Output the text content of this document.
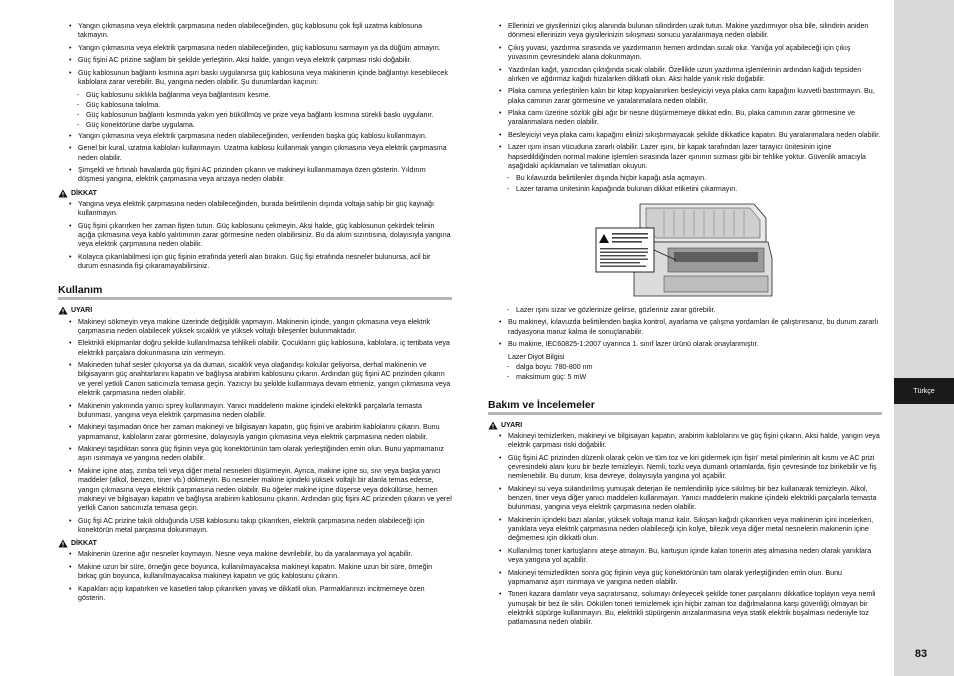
• Yangın çıkmasına veya elektrik çarpmasına neden olabileceğinden, güç kablosunu çok fişli uzatma kablosuna takmayın.
• Yangın çıkmasına veya elektrik çarpmasına neden olabileceğinden, güç kablosunu sarmayın ya da düğüm atmayın.
• Güç fişini AC prizine sağlam bir şekilde yerleştirin. Aksi halde, yangın veya elektrik çarpması riski doğabilir.
• Güç kablosunun bağlantı kısmına aşırı baskı uygulanırsa güç kablosuna veya makinenin içinde bağlantıyı kesebilecek kablolara zarar verebilir. Bu, yangına neden olabilir. Şu durumlardan kaçının:
- Güç kablosunu sıklıkla bağlanma veya bağlantısını kesme.
- Güç kablosuna takılma.
- Güç kablosunun bağlantı kısmında yakın yeri büküllmüş ve prize veya bağlantı kısmına sürekli baskı uygulanır.
- Güç konektörüne darbe uygulama.
• Yangın çıkmasına veya elektrik çarpmasına neden olabileceğinden, verilenden başka güç kablosu kullanmayın.
• Genel bir kural, uzatma kabloları kullanmayın. Uzatma kablosu kullanmak yangın çıkmasına veya elektrik çarpmasına neden olabilir.
• Şimşekli ve fırtınalı havalarda güç fişini AC prizinden çıkarın ve makineyi kullanmamaya özen gösterin. Yıldırım düşmesi yangına, elektrik çarpmasına veya arızaya neden olabilir.
DİKKAT
• Yangına veya elektrik çarpmasına neden olabileceğinden, burada belirtilenin dışında voltaja sahip bir güç kaynağı kullanmayın.
• Güç fişini çıkarırken her zaman fişten tutun. Güç kablosunu çekmeyin. Aksi halde, güç kablosunun çekirdek telinin açığa çıkmasına veya kablo yalıtımının zarar görmesine neden olabilirsiniz. Bu da akım sızıntısına, dolayısıyla yangına veya elektrik çarpmasına neden olabilir.
• Kolayca çıkarılabilmesi için güç fişinin etrafında yeterli alan bırakın. Güç fişi etrafında nesneler bulunursa, acil bir durum esnasında fişi çıkaramayabilirsiniz.
Kullanım
UYARI
• Makineyi sökmeyin veya makine üzerinde değişiklik yapmayın. Makinenin içinde, yangın çıkmasına veya elektrik çarpmasına neden olabilecek yüksek sıcaklık ve yüksek voltajlı bileşenler bulunmaktadır.
• Elektrikli ekipmanlar doğru şekilde kullanılmazsa tehlikeli olabilir. Çocukların güç kablosuna, kablolara, iç tertibata veya elektrikli parçalara dokunmasına izin vermeyin.
• Makineden tuhaf sesler çıkıyorsa ya da duman, sıcaklık veya olağandışı kokular geliyorsa, derhal makinenin ve bilgisayarın güç anahtarlarını kapatın ve bağlıysa arabirim kablosunu çıkarın. Ardından güç fişini AC prizinden çıkarın ve yerel yetkili Canon satıcınızla temasa geçin. Yazıcıyı bu şekilde kullanmaya devam etmeniz, yangın çıkmasına veya elektrik çarpmasına neden olabilir.
• Makinenin yakınında yanıcı sprey kullanmayın. Yanıcı maddelerin makine içindeki elektrikli parçalarla temasta bulunması, yangına veya elektrik çarpmasına neden olabilir.
• Makineyi taşımadan önce her zaman makineyi ve bilgisayarı kapatın, güç fişini ve arabirim kablolarını çıkarın. Bunu yapmamanız, kabloların zarar görmesine, dolayısıyla yangın çıkmasına veya elektrik çarpmasına neden olabilir.
• Makineyi taşıdıktan sonra güç fişinin veya güç konektörünün tam olarak yerleştiğinden emin olun. Bunu yapmamanız aşırı ısınmaya ve yangına neden olabilir.
• Makine içine ataş, zımba teli veya diğer metal nesneleri düşürmeyin. Ayrıca, makine içine su, sıvı veya başka yanıcı maddeler (alkol, benzen, tiner vb.) dökmeyin. Bu nesneler makine içindeki yüksek voltajlı bir alanla temas ederse, yangın çıkmasına veya elektrik çarpmasına neden olabilir. Bu öğeler makine içine düşerse veya döküllürse, hemen makineyi ve bilgisayarı kapatın ve bağlıysa arabirim kablosunu çıkarın. Ardından güç fişini AC prizinden çıkarın ve yerel yetkili Canon satıcınızla temasa geçin.
• Güç fişi AC prizine takılı olduğunda USB kablosunu takıp çıkarırken, elektrik çarpmasına neden olabileceği için konektörün metal parçasına dokunmayın.
DİKKAT
• Makinenin üzerine ağır nesneler koymayın. Nesne veya makine devrilebilir, bu da yaralanmaya yol açabilir.
• Makine uzun bir süre, örneğin gece boyunca, kullanılmayacaksa makineyi kapatın. Makine uzun bir süre, örneğin birkaç gün boyunca, kullanılmayacaksa makineyi kapatın ve güç kablosunu çıkarın.
• Kapakları açıp kapatırken ve kasetleri takıp çıkarırken yavaş ve dikkatli olun. Parmaklarınızı incitmemeye özen gösterin.
• Ellerinizi ve giysilerinizi çıkış alanında bulunan silindirden uzak tutun. Makine yazdırmıyor olsa bile, silindirin aniden dönmesi ellerinizin veya giysilerinizin sıkışması sonucu yaralanmaya neden olabilir.
• Çıkış yuvası, yazdırma sırasında ve yazdırmanın hemen ardından sıcak olur. Yanığa yol açabileceği için çıkış yuvasının çevresindeki alana dokunmayın.
• Yazdırılan kağıt, yazıcıdan çıktığında sıcak olabilir. Özellikle uzun yazdırma işlemlerinin ardından kağıdı tepsiden alırken ve ağdırmaz kağıdı hizalarken dikkatli olun. Aksi halde yanık riski doğabilir.
• Plaka camına yerleştirilen kalın bir kitap kopyalanırken besleyiciyi veya plaka camı kapağını kuvvetli bastırmayın. Bu, plaka camının zarar görmesine ve yaralanmalara neden olabilir.
• Plaka camı üzerine sözlük gibi ağır bir nesne düşürmemeye dikkat edin. Bu, plaka camının zarar görmesine ve yaralanmalara neden olabilir.
• Besleyiciyi veya plaka camı kapağını elinizi sıkıştırmayacak şekilde dikkatlice kapatın. Bu yaralanmalara neden olabilir.
• Lazer ışını insan vücuduna zararlı olabilir. Lazer ışını, bir kapak tarafından lazer tarayıcı ünitesinin içine hapsedildiğinden normal makine işlemleri sırasında lazer ışınının sızması gibi bir tehlike yoktur. Güvenlik amacıyla aşağıdaki açıklamaları ve talimatları okuyun.
- Bu kılavuzda belirtilenler dışında hiçbir kapağı asla açmayın.
- Lazer tarama ünitesinin kapağında bulunan dikkat etiketini çıkarmayın.
- Lazer ışını sızar ve gözlerinize gelirse, gözleriniz zarar görebilir.
• Bu makineyi, kılavuzda belirtilenden başka kontrol, ayarlama ve çalışma yordamları ile çalıştırırsanız, bu durum zararlı radyasyona maruz kalma ile sonuçlanabilir.
• Bu makine, IEC60825-1:2007 uyarınca 1. sınıf lazer ürünü olarak onaylanmıştır.
Lazer Diyot Bilgisi
- dalga boyu: 780-800 nm
- maksimum güç: 5 mW
Bakım ve İncelemeler
UYARI
• Makineyi temizlerken, makineyi ve bilgisayarı kapatın, arabirim kablolarını ve güç fişini çıkarın. Aksi halde, yangın veya elektrik çarpması riski doğabilir.
• Güç fişini AC prizinden düzenli olarak çekin ve tüm toz ve kiri gidermek için fişin' metal pimlerinin alt kısmı ve AC prizi çevresindeki alanı kuru bir bezle temizleyin. Nemli, tozlu veya dumanlı ortamlarda, fişin çevresinde toz birikebilir ve fiş nemlenebilir. Bu durum, kısa devreye, dolayısıyla yangına yol açabilir.
• Makineyi su veya sulandırılmış yumuşak deterjan ile nemlendirilip iyice sıkılmış bir bez kullanarak temizleyin. Alkol, benzen, tiner veya diğer yanıcı maddeleri kullanmayın. Yanıcı maddelerin makine içindeki elektrikli parçalarla temasta bulunması, yangına veya elektrik çarpmasına neden olabilir.
• Makinenin içindeki bazı alanlar, yüksek voltaja maruz kalır. Sıkışan kağıdı çıkarırken veya makinenin içini incelerken, yanıklara veya elektrik çarpmasına neden olabileceği için kolye, bilezik veya diğer metal nesnelerin makinenin içine değmemesi için dikkatli olun.
• Kullanılmış toner kartuşlarını ateşe atmayın. Bu, kartuşun içinde kalan tonerin ateş almasına neden olarak yanıklara veya yangına yol açabilir.
• Makineyi temizledikten sonra güç fişinin veya güç konektörünün tam olarak yerleştiğinden emin olun. Bunu yapmamanız aşırı ısınmaya ve yangına neden olabilir.
• Toneri kazara damlatır veya saçratırsanız, solumayı önleyecek şekilde toner parçalarını dikkatlice toplayın veya nemli yumuşak bir bez ile silin. Dökülen toneri temizlemek için hiçbir zaman toz dağılmalarına karşı güvenliği olmayan bir elektrikli süpürge kullanmayın. Bu, elektrikli süpürgenin arızalanmasına veya statik elektrik boşalması nedeniyle toz patlamasına neden olabilir.
Türkçe
83
